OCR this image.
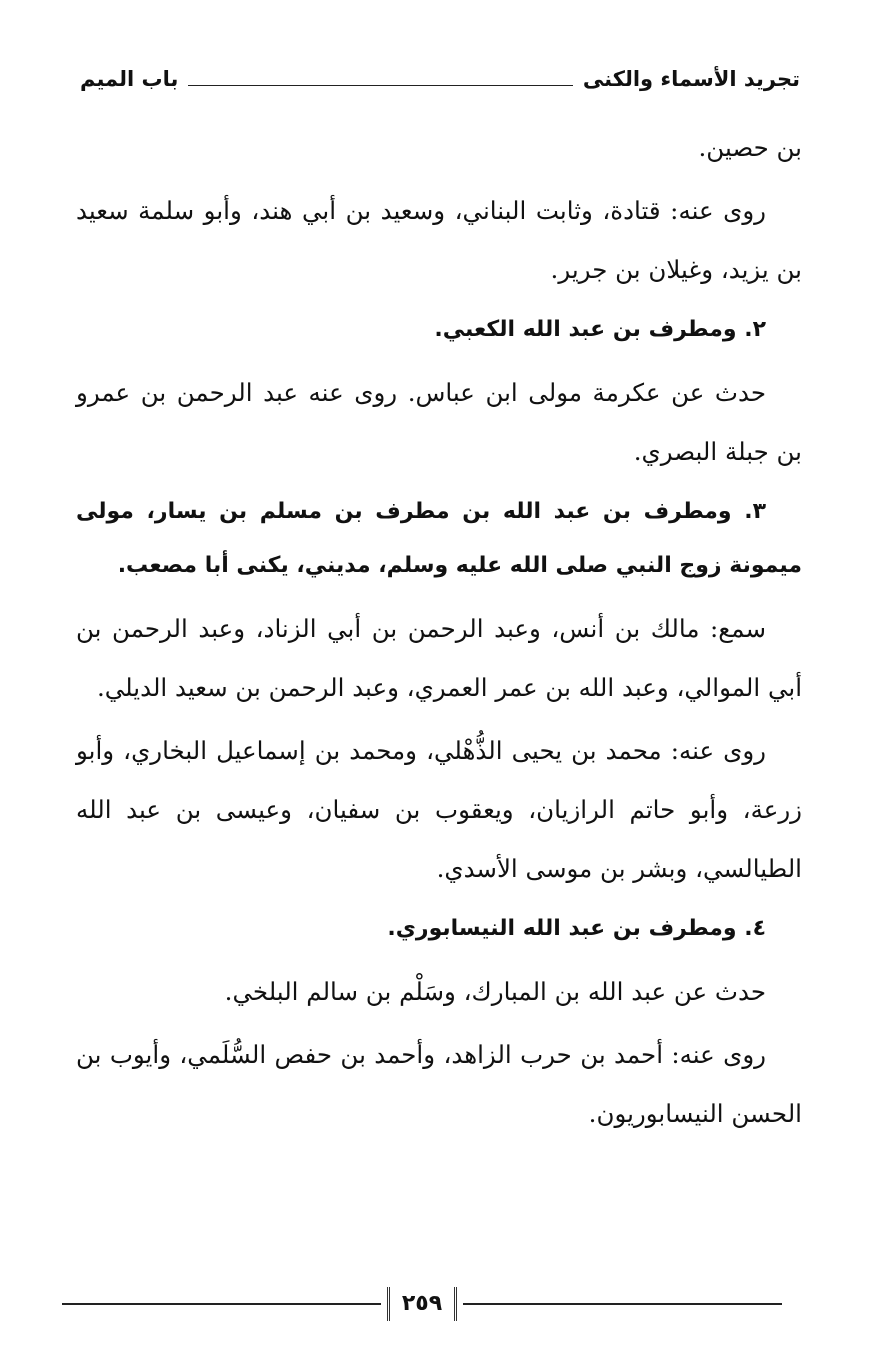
تجريد الأسماء والكنى
باب الميم

بن حصين.

روى عنه: قتادة، وثابت البناني، وسعيد بن أبي هند، وأبو سلمة سعيد بن يزيد، وغيلان بن جرير.

٢. ومطرف بن عبد الله الكعبي.

حدث عن عكرمة مولى ابن عباس. روى عنه عبد الرحمن بن عمرو بن جبلة البصري.

٣. ومطرف بن عبد الله بن مطرف بن مسلم بن يسار، مولى ميمونة زوج النبي صلى الله عليه وسلم، مديني، يكنى أبا مصعب.

سمع: مالك بن أنس، وعبد الرحمن بن أبي الزناد، وعبد الرحمن بن أبي الموالي، وعبد الله بن عمر العمري، وعبد الرحمن بن سعيد الديلي.

روى عنه: محمد بن يحيى الذُّهْلي، ومحمد بن إسماعيل البخاري، وأبو زرعة، وأبو حاتم الرازيان، ويعقوب بن سفيان، وعيسى بن عبد الله الطيالسي، وبشر بن موسى الأسدي.

٤. ومطرف بن عبد الله النيسابوري.

حدث عن عبد الله بن المبارك، وسَلْم بن سالم البلخي.

روى عنه: أحمد بن حرب الزاهد، وأحمد بن حفص السُّلَمي، وأيوب بن الحسن النيسابوريون.

٢٥٩
